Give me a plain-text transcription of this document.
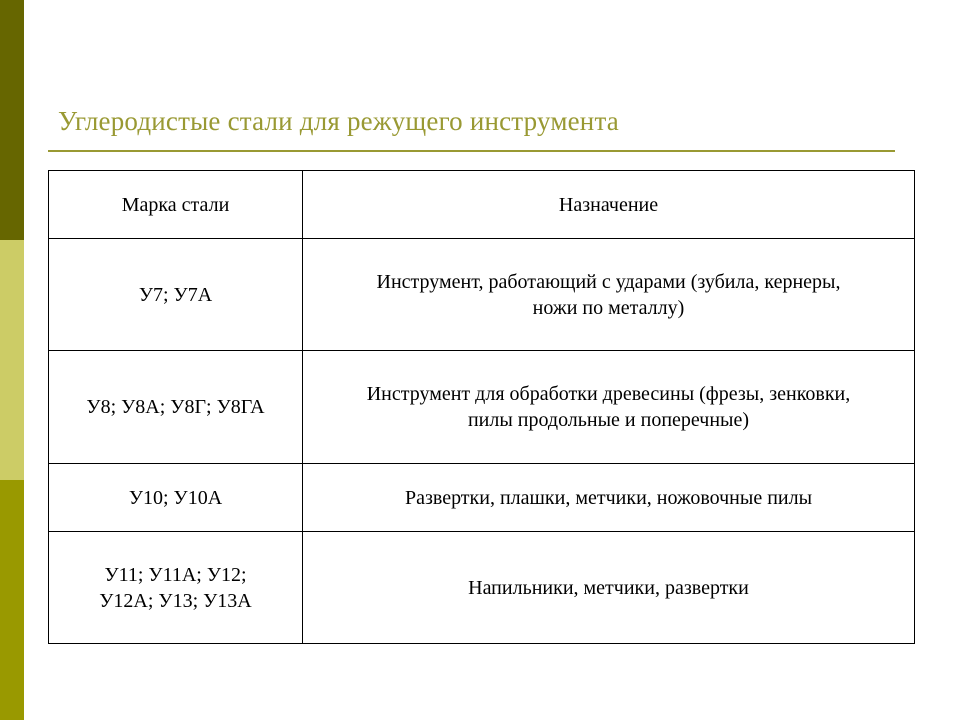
Углеродистые стали для режущего инструмента
Марка стали	Назначение
У7; У7А	Инструмент, работающий с ударами (зубила, кернеры,
ножи по металлу)
У8; У8А; У8Г; У8ГА	Инструмент для обработки древесины (фрезы, зенковки,
пилы продольные и поперечные)
У10; У10А	Развертки, плашки, метчики, ножовочные пилы
У11; У11А; У12;
У12А; У13; У13А	Напильники, метчики, развертки
